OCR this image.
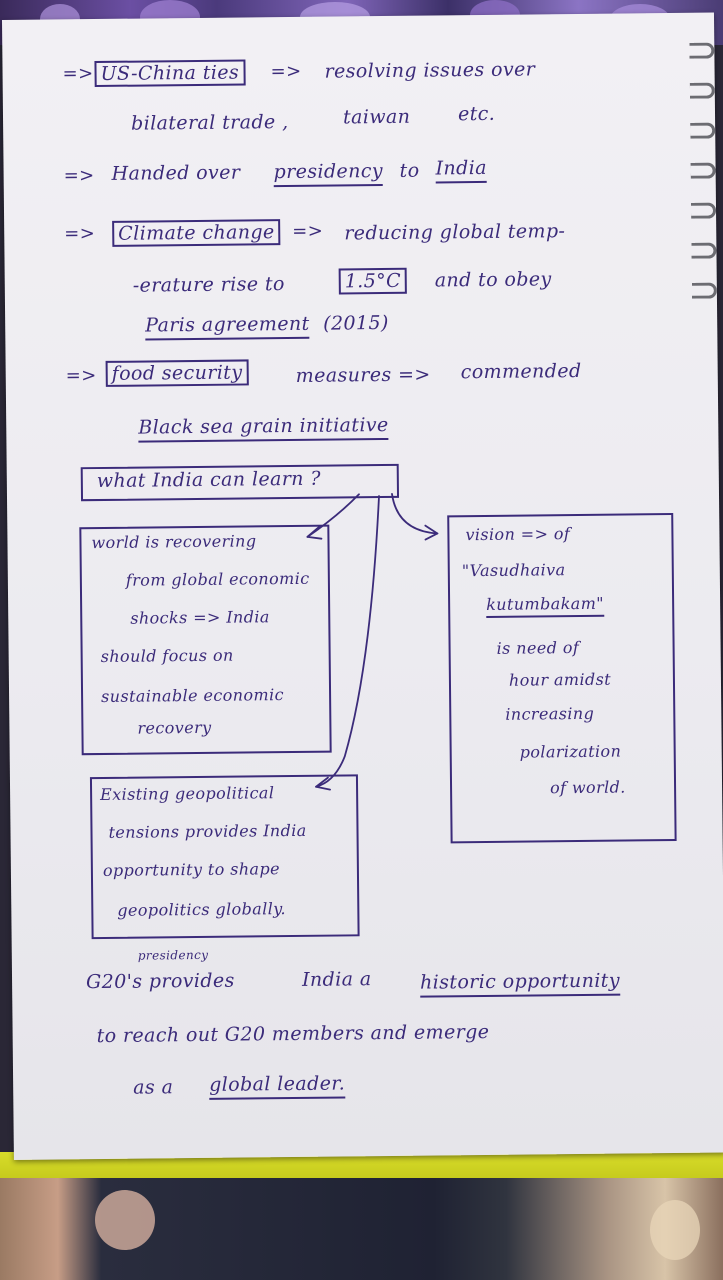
=> US-China ties	=> resolving issues over
bilateral trade ,	taiwan etc.
=> Handed over presidency to India
=>	Climate change => reducing global temp-
-erature rise to	1.5°C	and to obey
Paris agreement (2015)
=> food security	measures => commended
Black sea grain initiative
what India can learn ?
world is recovering
from global economic
shocks => India
should focus on
sustainable economic
recovery
vision => of
"Vasudhaiva
kutumbakam"
is need of
hour amidst
increasing
polarization
of world.
Existing geopolitical
tensions provides India
opportunity to shape
geopolitics globally.
presidency
G20's provides	India a	historic opportunity
to reach out G20 members and emerge
as a global leader.
